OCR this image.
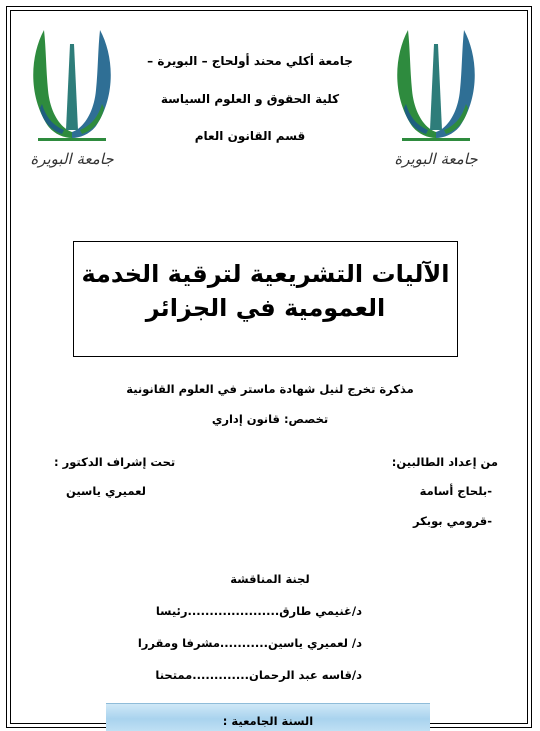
جامعة البويرة	جامعة البويرة
جامعة أكلي محند أولحاج – البويرة –
كلية الحقوق و العلوم السياسة
قسم القانون العام
الآليات التشريعية لترقية الخدمة
العمومية في الجزائر
مذكرة تخرج لنيل شهادة ماستر في العلوم القانونية
تخصص: قانون إداري
من إعداد الطالبين:
-بلحاج أسامة
-قرومي بوبكر
تحت إشراف الدكتور :
لعميري ياسين
لجنة المناقشة
د/غنيمي طارق.....................رئيسا
د/ لعميري ياسين...........مشرفا ومقررا
د/قاسه عبد الرحمان.............ممتحنا
السنة الجامعية :
